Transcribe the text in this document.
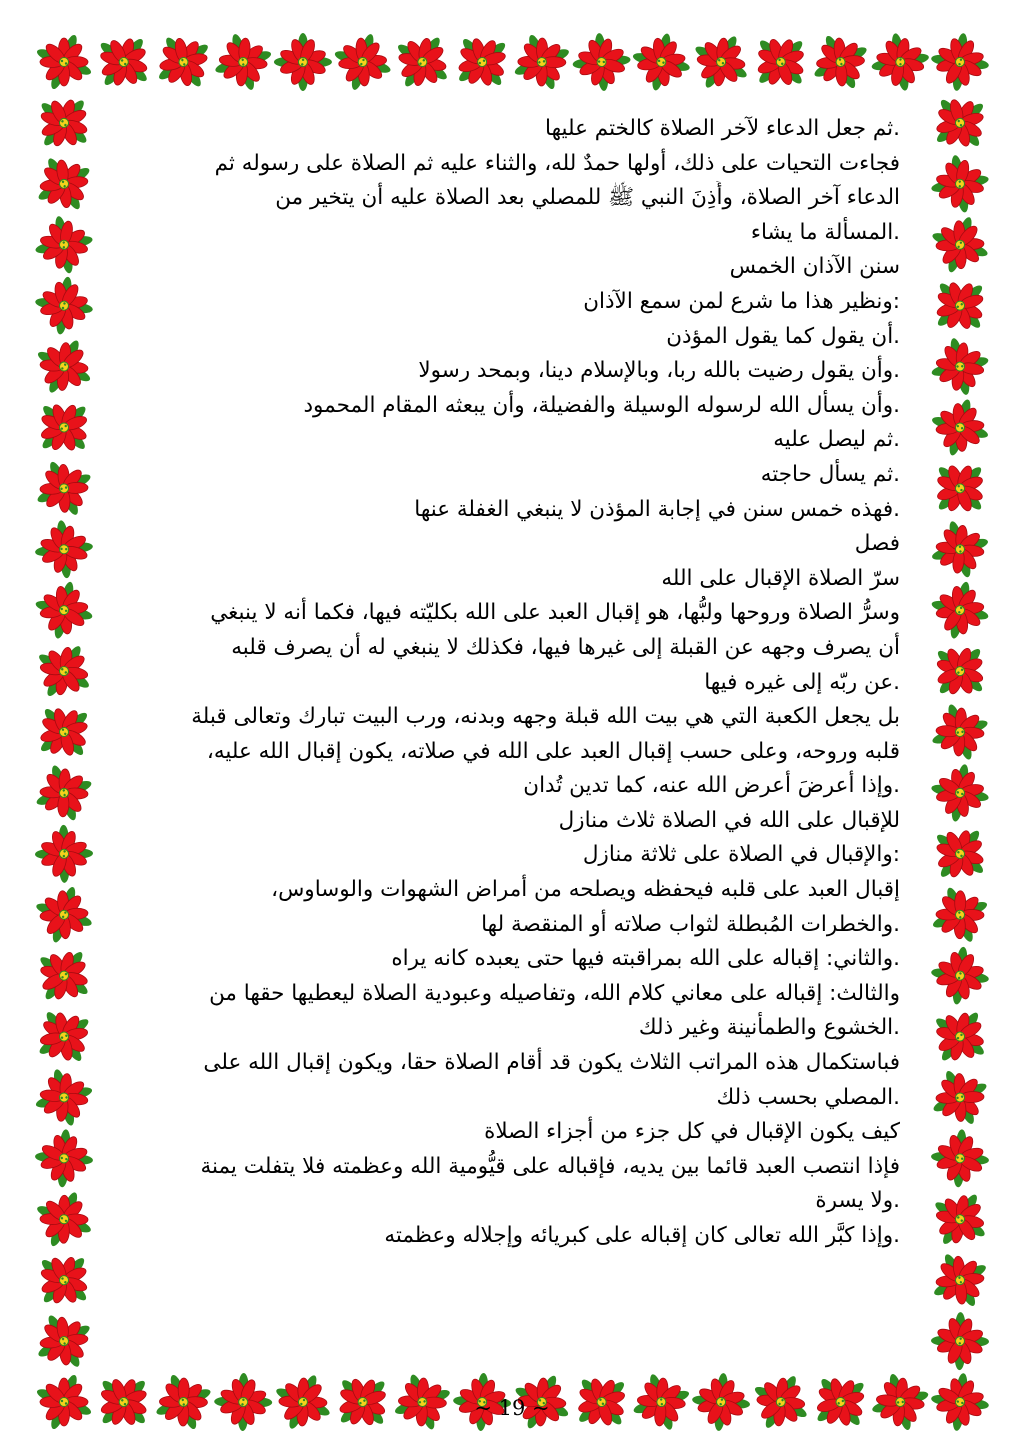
.ثم جعل الدعاء لآخر الصلاة كالختم عليها
فجاءت التحيات على ذلك، أولها حمدٌ لله، والثناء عليه ثم الصلاة على رسوله ثم
الدعاء آخر الصلاة، وأَذِنَ النبي ﷺ للمصلي بعد الصلاة عليه أن يتخير من
.المسألة ما يشاء
سنن الآذان الخمس
:ونظير هذا ما شرع لمن سمع الآذان
.أن يقول كما يقول المؤذن
.وأن يقول رضيت بالله ربا، وبالإسلام دينا، وبمحد رسولا
.وأن يسأل الله لرسوله الوسيلة والفضيلة، وأن يبعثه المقام المحمود
.ثم ليصل عليه
.ثم يسأل حاجته
.فهذه خمس سنن في إجابة المؤذن لا ينبغي الغفلة عنها
فصل
سرّ الصلاة الإقبال على الله
وسرُّ الصلاة وروحها ولبُّها، هو إقبال العبد على الله بكليّته فيها، فكما أنه لا ينبغي
أن يصرف وجهه عن القبلة إلى غيرها فيها، فكذلك لا ينبغي له أن يصرف قلبه
.عن ربّه إلى غيره فيها
بل يجعل الكعبة التي هي بيت الله قبلة وجهه وبدنه، ورب البيت تبارك وتعالى قبلة
قلبه وروحه، وعلى حسب إقبال العبد على الله في صلاته، يكون إقبال الله عليه،
.وإذا أعرضَ أعرض الله عنه، كما تدين تُدان
للإقبال على الله في الصلاة ثلاث منازل
:والإقبال في الصلاة على ثلاثة منازل
إقبال العبد على قلبه فيحفظه ويصلحه من أمراض الشهوات والوساوس،
.والخطرات المُبطلة لثواب صلاته أو المنقصة لها
.والثاني: إقباله على الله بمراقبته فيها حتى يعبده كانه يراه
والثالث: إقباله على معاني كلام الله، وتفاصيله وعبودية الصلاة ليعطيها حقها من
.الخشوع والطمأنينة وغير ذلك
فباستكمال هذه المراتب الثلاث يكون قد أقام الصلاة حقا، ويكون إقبال الله على
.المصلي بحسب ذلك
كيف يكون الإقبال في كل جزء من أجزاء الصلاة
فإذا انتصب العبد قائما بين يديه، فإقباله على قيُّومية الله وعظمته فلا يتفلت يمنة
.ولا يسرة
.وإذا كبَّر الله تعالى كان إقباله على كبريائه وإجلاله وعظمته
~ 19 ~
